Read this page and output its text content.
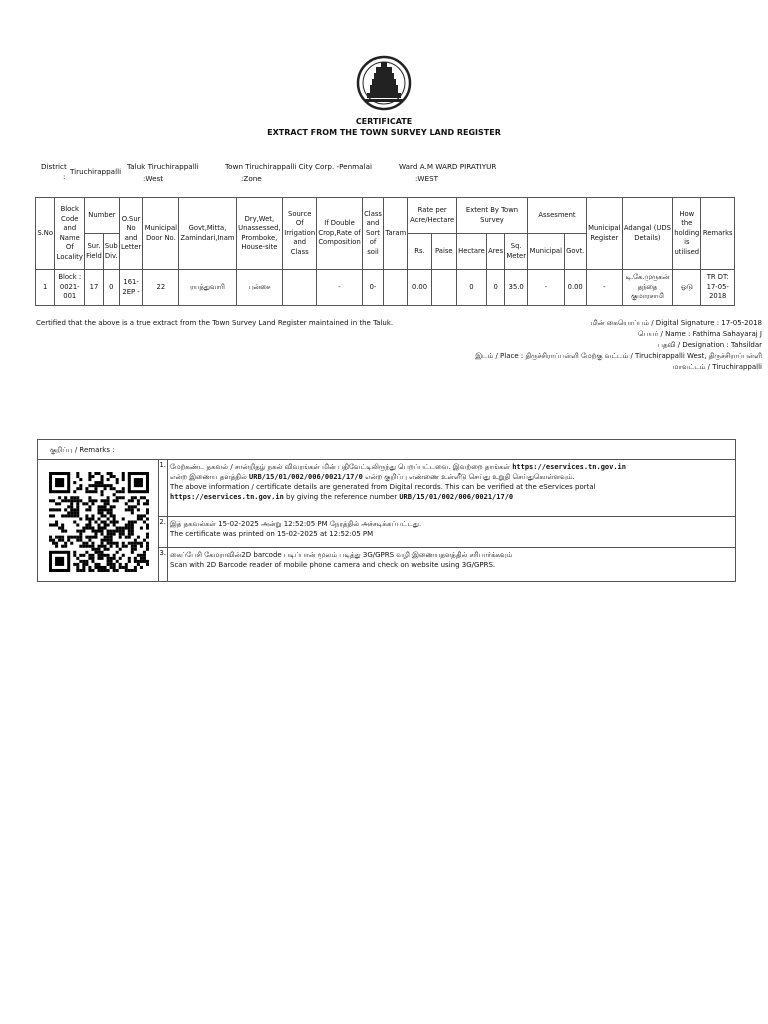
CERTIFICATE
EXTRACT FROM THE TOWN SURVEY LAND REGISTER
District
:
Tiruchirappalli
Taluk Tiruchirappalli
:West
Town Tiruchirappalli City Corp. -Penmalai
:Zone
Ward A.M WARD PIRATIYUR
:WEST
S.No	Block Code and Name Of Locality	Number		O.Sur No and Letter	Municipal Door No.	Govt,Mitta, Zamindari,Inam	Dry,Wet, Unassessed, Promboke, House-site	Source Of Irrigation and Class	If Double Crop,Rate of Composition	Class and Sort of soil	Taram	Rate per Acre/Hectare		Extent By Town Survey			Assesment		Municipal Register	Adangal (UDS Details)	How the holding is utilised	Remarks
		Sur. Field	Sub Div.									Rs.	Paise	Hectare	Ares	Sq. Meter	Municipal	Govt.				
1	Block : 0021-001	17	0	161-2EP -	22	ரயத்துவாரி	புன்சை		-	0-		0.00		0	0	35.0	-	0.00	-	டி.கே.முருகன் தந்தை குமாரசாமி	ஓடு	TR DT: 17-05-2018
Certified that the above is a true extract from the Town Survey Land Register maintained in the Taluk.	மின் கையொப்பம் / Digital Signature : 17-05-2018
பெயர் / Name : Fathima Sahayaraj J
பதவி / Designation : Tahsildar
இடம் / Place : திருச்சிராப்பள்ளி மேற்கு வட்டம் / Tiruchirappalli West, திருச்சிராப்பள்ளி
மாவட்டம் / Tiruchirappalli
குறிப்பு / Remarks :
1. மேற்கண்ட தகவல் / சான்றிதழ் நகல் விவரங்கள் மின் பதிவேட்டிலிருந்து பெறப்பட்டவை. இவற்றை தாங்கள் https://eservices.tn.gov.in
என்ற இணைய தளத்தில் URB/15/01/002/006/0021/17/0 என்ற குறிப்பு எண்ணை உள்ளீடு செய்து உறுதி செய்துகொள்ளவும்.
The above information / certificate details are generated from Digital records. This can be verified at the eServices portal
https://eservices.tn.gov.in by giving the reference number URB/15/01/002/006/0021/17/0
2. இத் தகவல்கள் 15-02-2025 அன்று 12:52:05 PM நேரத்தில் அச்சடிக்கப்பட்டது.
The certificate was printed on 15-02-2025 at 12:52:05 PM
3. கைப்பேசி கேமராவின்2D barcode படிப்பான் மூலம் படித்து 3G/GPRS வழி இணையதளத்தில் சரிபார்க்கவும்
Scan with 2D Barcode reader of mobile phone camera and check on website using 3G/GPRS.
